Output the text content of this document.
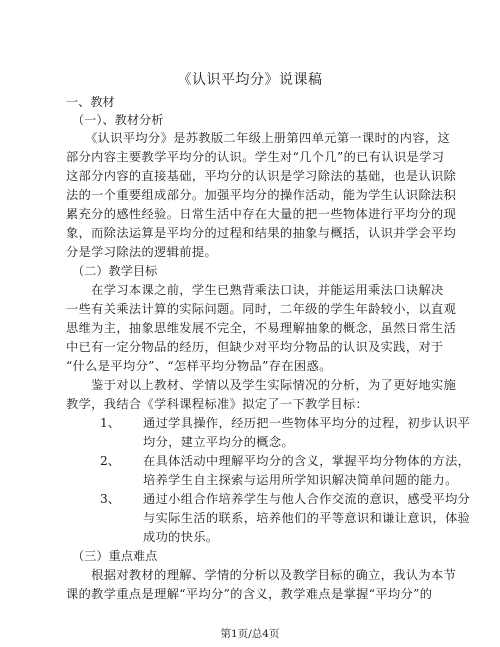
《认识平均分》说课稿
一、教材
（一）、教材分析
　　《认识平均分》是苏教版二年级上册第四单元第一课时的内容，这
部分内容主要教学平均分的认识。学生对“几个几”的已有认识是学习
这部分内容的直接基础，平均分的认识是学习除法的基础，也是认识除
法的一个重要组成部分。加强平均分的操作活动，能为学生认识除法积
累充分的感性经验。日常生活中存在大量的把一些物体进行平均分的现
象，而除法运算是平均分的过程和结果的抽象与概括，认识并学会平均
分是学习除法的逻辑前提。
（二）教学目标
　　在学习本课之前，学生已熟背乘法口诀，并能运用乘法口诀解决
一些有关乘法计算的实际问题。同时，二年级的学生年龄较小，以直观
思维为主，抽象思维发展不完全，不易理解抽象的概念，虽然日常生活
中已有一定分物品的经历，但缺少对平均分物品的认识及实践，对于
“什么是平均分”、“怎样平均分物品”存在困惑。
　　鉴于对以上教材、学情以及学生实际情况的分析，为了更好地实施
教学，我结合《学科课程标准》拟定了一下教学目标：
1、 通过学具操作，经历把一些物体平均分的过程，初步认识平
均分，建立平均分的概念。
2、 在具体活动中理解平均分的含义，掌握平均分物体的方法，
培养学生自主探索与运用所学知识解决简单问题的能力。
3、 通过小组合作培养学生与他人合作交流的意识，感受平均分
与实际生活的联系，培养他们的平等意识和谦让意识，体验
成功的快乐。
（三）重点难点
　　根据对教材的理解、学情的分析以及教学目标的确立，我认为本节
课的教学重点是理解“平均分”的含义，教学难点是掌握“平均分”的
第1页/总4页
